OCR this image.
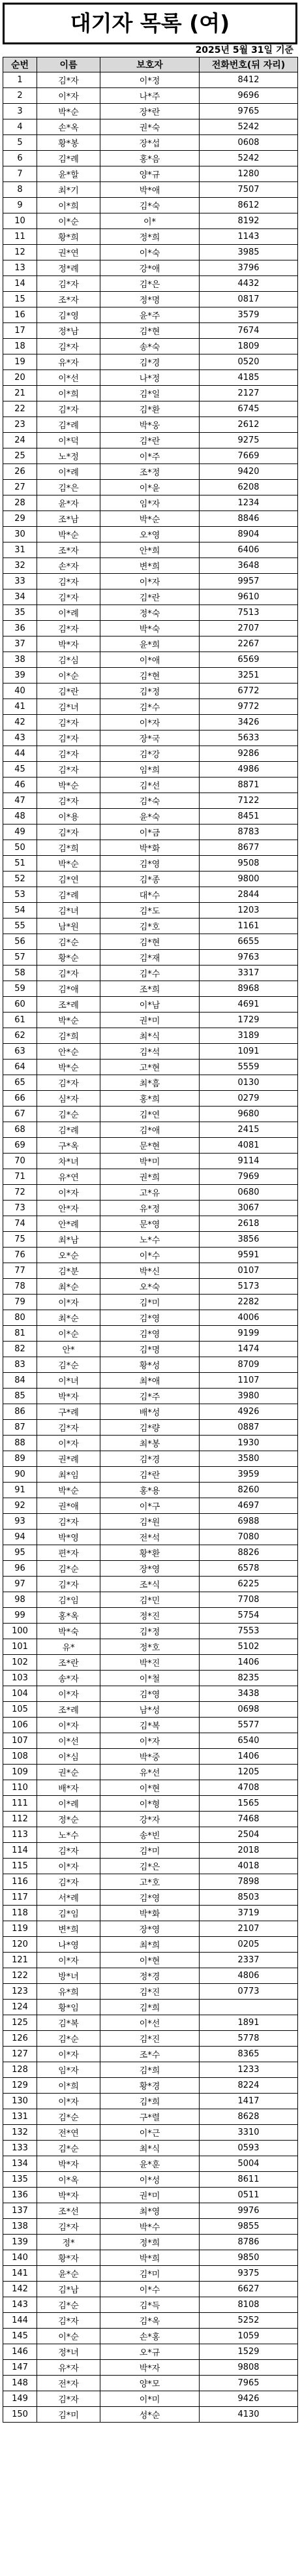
대기자 목록 (여)
2025년 5월 31일 기준
순번	이름	보호자	전화번호(뒤 자리)
1	김*자	이*정	8412
2	이*자	나*주	9696
3	박*순	장*란	9765
4	손*옥	권*숙	5242
5	황*봉	장*섭	0608
6	김*례	홍*음	5242
7	윤*할	양*규	1280
8	최*기	박*애	7507
9	이*희	김*숙	8612
10	이*순	이*	8192
11	황*희	정*희	1143
12	권*연	이*숙	3985
13	정*례	강*애	3796
14	김*자	김*은	4432
15	조*자	정*명	0817
16	김*영	윤*주	3579
17	정*남	김*현	7674
18	김*자	송*숙	1809
19	유*자	김*경	0520
20	이*선	나*정	4185
21	이*희	김*일	2127
22	김*자	김*환	6745
23	김*례	박*웅	2612
24	이*덕	김*란	9275
25	노*정	이*주	7669
26	이*례	조*정	9420
27	김*은	이*윤	6208
28	윤*자	임*자	1234
29	조*남	박*순	8846
30	박*순	오*영	8904
31	조*자	안*희	6406
32	손*자	변*희	3648
33	김*자	이*자	9957
34	김*자	김*란	9610
35	이*례	정*숙	7513
36	김*자	박*숙	2707
37	박*자	윤*희	2267
38	김*심	이*애	6569
39	이*순	김*현	3251
40	김*란	김*정	6772
41	김*녀	김*수	9772
42	김*자	이*자	3426
43	김*자	장*국	5633
44	김*자	김*강	9286
45	김*자	임*희	4986
46	박*순	김*선	8871
47	김*자	김*숙	7122
48	이*용	윤*숙	8451
49	김*자	이*금	8783
50	김*희	박*화	8677
51	박*순	김*영	9508
52	김*연	김*종	9800
53	김*례	대*수	2844
54	김*녀	김*도	1203
55	남*원	김*호	1161
56	김*순	김*현	6655
57	황*순	김*재	9763
58	김*자	김*수	3317
59	김*애	조*희	8968
60	조*례	이*남	4691
61	박*순	권*미	1729
62	김*희	최*식	3189
63	안*순	김*석	1091
64	박*순	고*현	5559
65	김*자	최*흠	0130
66	심*자	홍*희	0279
67	김*순	김*연	9680
68	김*례	김*애	2415
69	구*옥	문*현	4081
70	차*녀	박*미	9114
71	유*연	권*희	7969
72	이*자	고*유	0680
73	안*자	유*정	3067
74	안*례	문*영	2618
75	최*남	노*수	3856
76	오*순	이*수	9591
77	김*분	박*신	0107
78	최*순	오*숙	5173
79	이*자	김*미	2282
80	최*순	김*영	4006
81	이*순	김*영	9199
82	안*	김*명	1474
83	김*순	황*성	8709
84	이*녀	최*애	1107
85	박*자	김*주	3980
86	구*례	배*성	4926
87	김*자	김*량	0887
88	이*자	최*봉	1930
89	권*례	김*경	3580
90	최*임	김*란	3959
91	박*순	홍*용	8260
92	권*애	이*구	4697
93	김*자	김*원	6988
94	박*영	전*석	7080
95	편*자	황*환	8826
96	김*순	장*영	6578
97	김*자	조*식	6225
98	김*임	김*민	7708
99	홍*옥	정*진	5754
100	박*숙	김*정	7553
101	유*	정*호	5102
102	조*란	박*진	1406
103	송*자	이*철	8235
104	이*자	김*영	3438
105	조*례	남*성	0698
106	이*자	김*복	5577
107	이*선	이*자	6540
108	이*심	박*중	1406
109	권*순	유*선	1205
110	배*자	이*현	4708
111	이*례	이*형	1565
112	정*순	강*자	7468
113	노*수	송*빈	2504
114	김*자	김*미	2018
115	이*자	김*은	4018
116	김*자	고*호	7898
117	서*례	김*영	8503
118	김*임	박*화	3719
119	변*희	장*영	2107
120	나*영	최*희	0205
121	이*자	이*현	2337
122	방*녀	정*경	4806
123	유*희	김*진	0773
124	황*임	김*희	
125	김*복	이*선	1891
126	김*순	김*진	5778
127	이*자	조*수	8365
128	임*자	김*희	1233
129	이*희	황*경	8224
130	이*자	김*희	1417
131	김*순	구*렬	8628
132	전*연	이*근	3310
133	김*순	최*식	0593
134	박*자	윤*훈	5004
135	이*옥	이*성	8611
136	박*자	권*미	0511
137	조*선	최*영	9976
138	김*자	박*수	9855
139	정*	정*희	8786
140	황*자	박*희	9850
141	윤*순	김*미	9375
142	김*남	이*수	6627
143	김*순	김*득	8108
144	김*자	김*옥	5252
145	이*순	손*홍	1059
146	정*녀	오*규	1529
147	유*자	박*자	9808
148	전*자	양*모	7965
149	김*자	이*미	9426
150	김*미	성*순	4130
